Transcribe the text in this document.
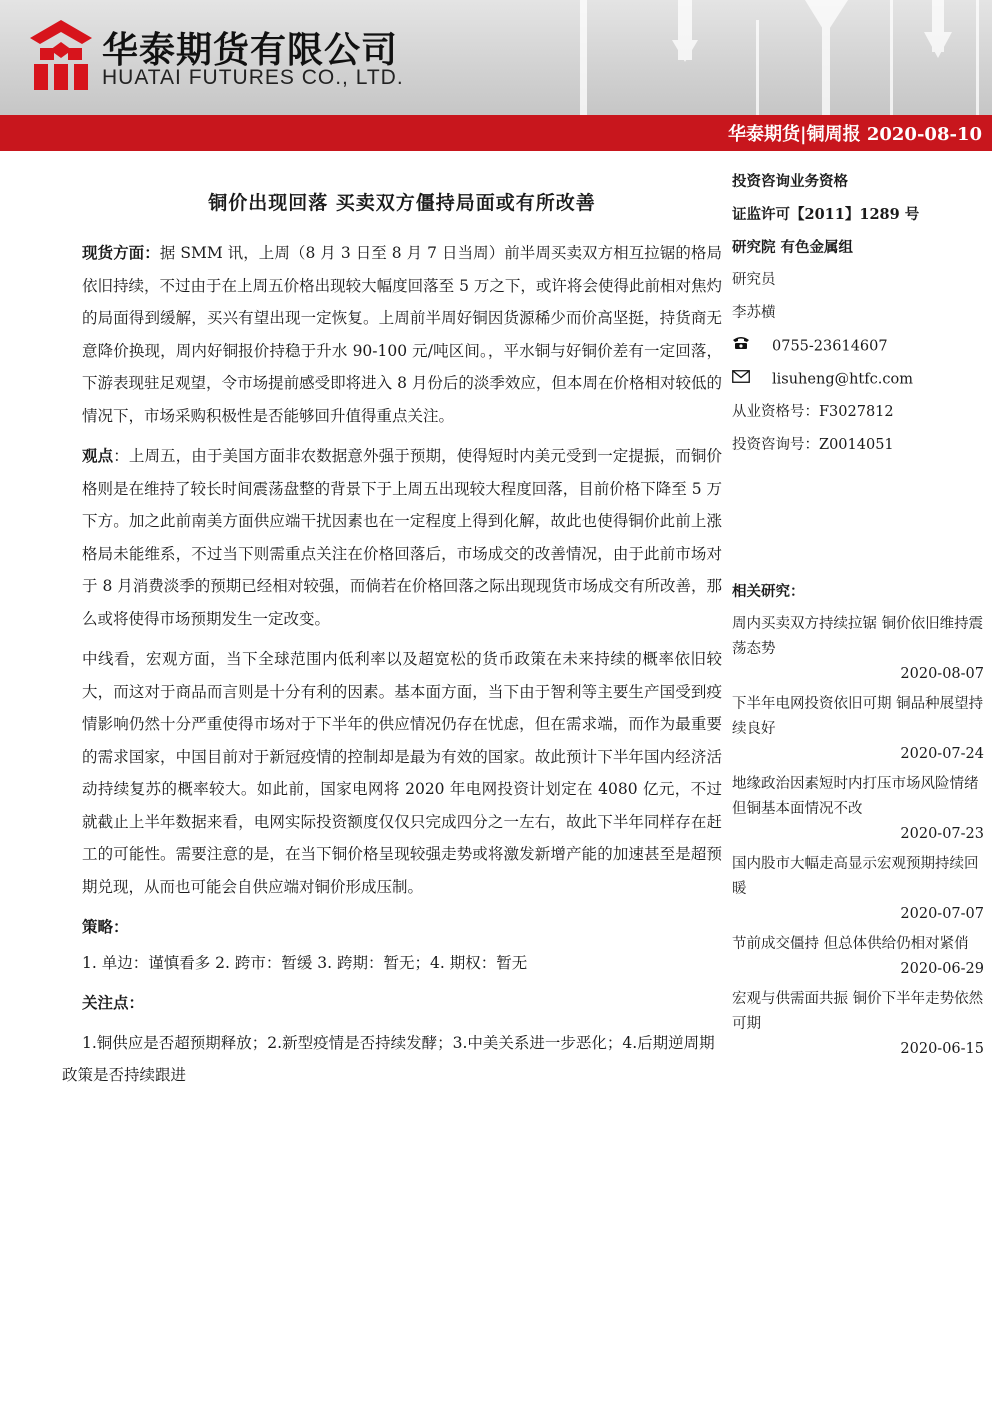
华泰期货有限公司
HUATAI FUTURES CO., LTD.
华泰期货|铜周报 2020-08-10
铜价出现回落 买卖双方僵持局面或有所改善

现货方面：据 SMM 讯，上周（8 月 3 日至 8 月 7 日当周）前半周买卖双方相互拉锯的格局依旧持续，不过由于在上周五价格出现较大幅度回落至 5 万之下，或许将会使得此前相对焦灼的局面得到缓解，买兴有望出现一定恢复。上周前半周好铜因货源稀少而价高坚挺，持货商无意降价换现，周内好铜报价持稳于升水 90-100 元/吨区间。，平水铜与好铜价差有一定回落，下游表现驻足观望，令市场提前感受即将进入 8 月份后的淡季效应，但本周在价格相对较低的情况下，市场采购积极性是否能够回升值得重点关注。

观点：上周五，由于美国方面非农数据意外强于预期，使得短时内美元受到一定提振，而铜价格则是在维持了较长时间震荡盘整的背景下于上周五出现较大程度回落，目前价格下降至 5 万下方。加之此前南美方面供应端干扰因素也在一定程度上得到化解，故此也使得铜价此前上涨格局未能维系，不过当下则需重点关注在价格回落后，市场成交的改善情况，由于此前市场对于 8 月消费淡季的预期已经相对较强，而倘若在价格回落之际出现现货市场成交有所改善，那么或将使得市场预期发生一定改变。

中线看，宏观方面，当下全球范围内低利率以及超宽松的货币政策在未来持续的概率依旧较大，而这对于商品而言则是十分有利的因素。基本面方面，当下由于智利等主要生产国受到疫情影响仍然十分严重使得市场对于下半年的供应情况仍存在忧虑，但在需求端，而作为最重要的需求国家，中国目前对于新冠疫情的控制却是最为有效的国家。故此预计下半年国内经济活动持续复苏的概率较大。如此前，国家电网将 2020 年电网投资计划定在 4080 亿元，不过就截止上半年数据来看，电网实际投资额度仅仅只完成四分之一左右，故此下半年同样存在赶工的可能性。需要注意的是，在当下铜价格呈现较强走势或将激发新增产能的加速甚至是超预期兑现，从而也可能会自供应端对铜价形成压制。

策略：
1. 单边：谨慎看多 2. 跨市：暂缓 3. 跨期：暂无；4. 期权：暂无
关注点：
1.铜供应是否超预期释放；2.新型疫情是否持续发酵；3.中美关系进一步恶化；4.后期逆周期政策是否持续跟进
投资咨询业务资格
证监许可【2011】1289 号
研究院 有色金属组
研究员
李苏横
0755-23614607
lisuheng@htfc.com
从业资格号：F3027812
投资咨询号：Z0014051
相关研究：
周内买卖双方持续拉锯 铜价依旧维持震荡态势
2020-08-07
下半年电网投资依旧可期 铜品种展望持续良好
2020-07-24
地缘政治因素短时内打压市场风险情绪 但铜基本面情况不改
2020-07-23
国内股市大幅走高显示宏观预期持续回暖
2020-07-07
节前成交僵持 但总体供给仍相对紧俏
2020-06-29
宏观与供需面共振 铜价下半年走势依然可期
2020-06-15
